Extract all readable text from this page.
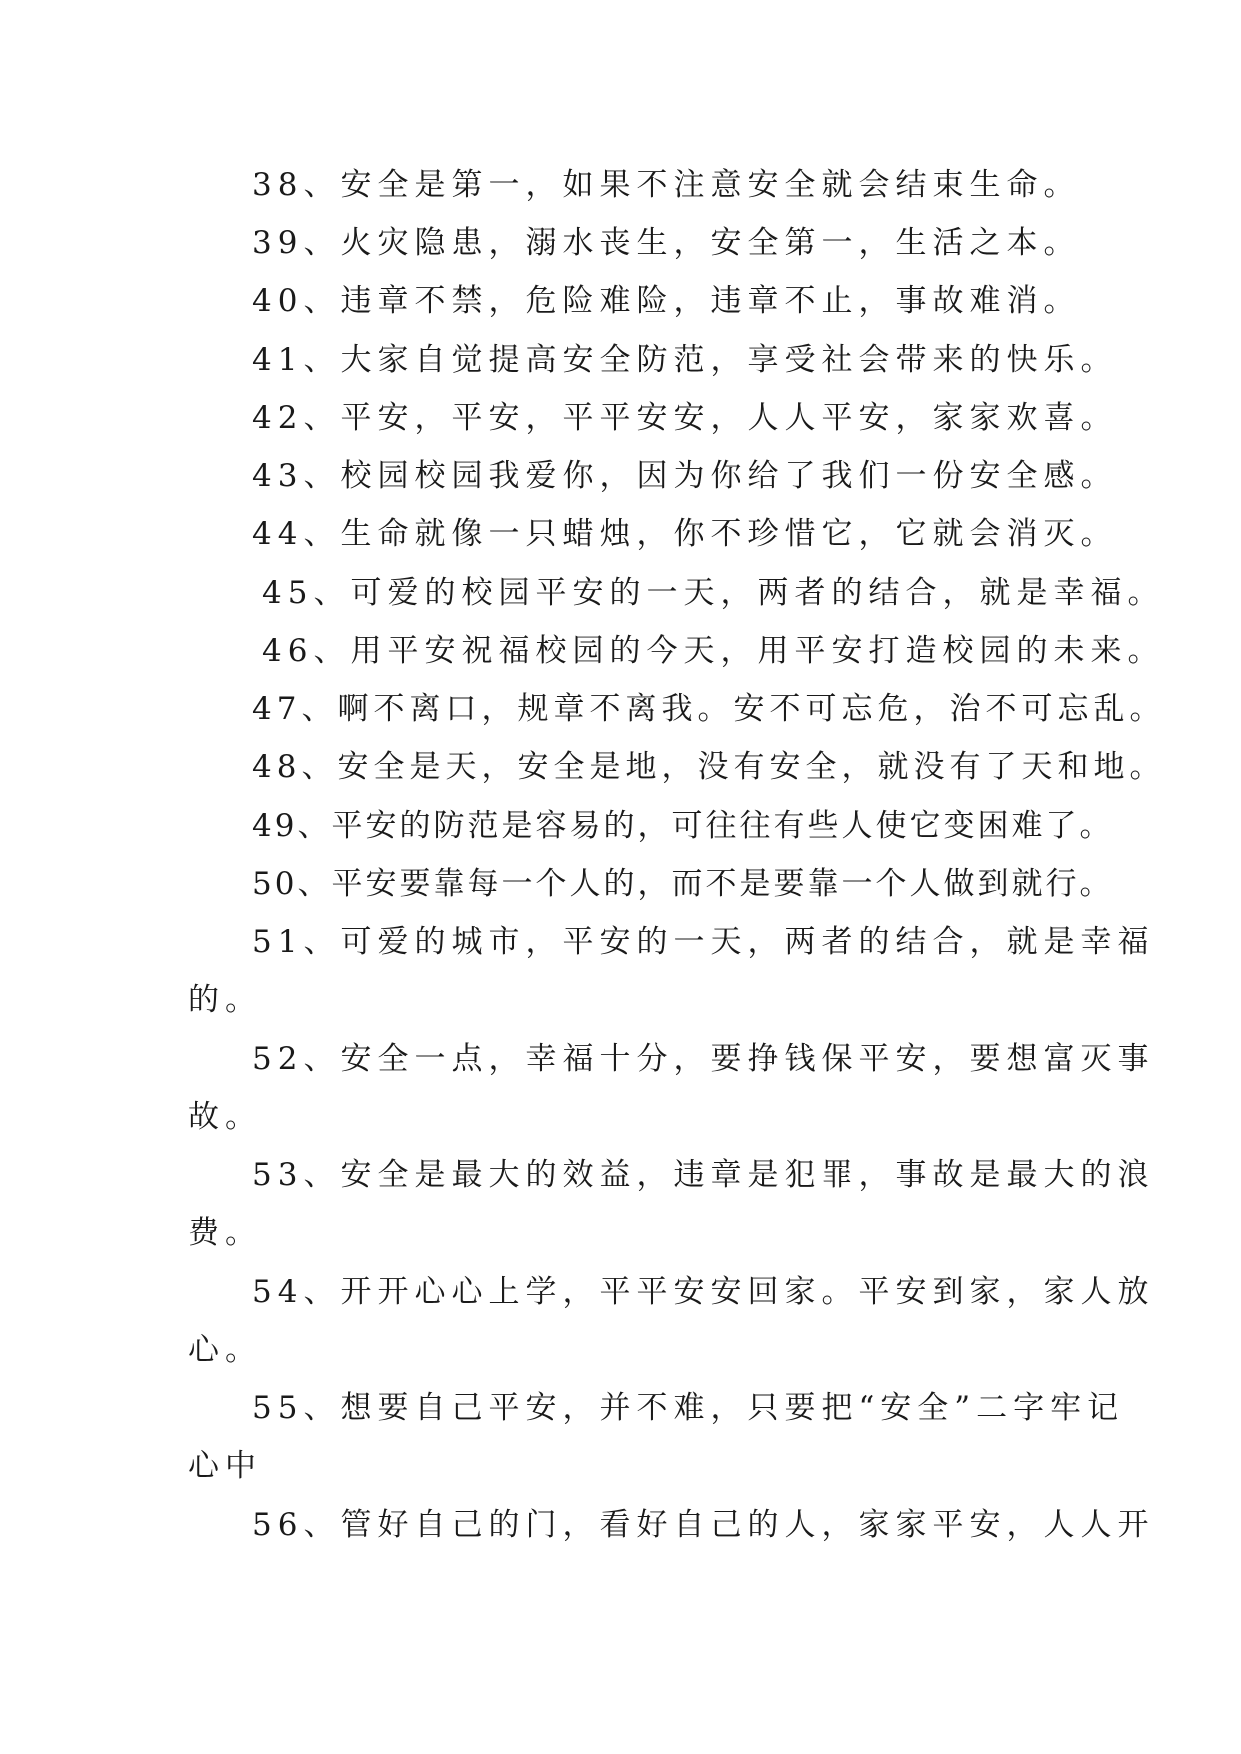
38、安全是第一，如果不注意安全就会结束生命。

39、火灾隐患，溺水丧生，安全第一，生活之本。

40、违章不禁，危险难险，违章不止，事故难消。

41、大家自觉提高安全防范，享受社会带来的快乐。

42、平安，平安，平平安安，人人平安，家家欢喜。

43、校园校园我爱你，因为你给了我们一份安全感。

44、生命就像一只蜡烛，你不珍惜它，它就会消灭。

45、可爱的校园平安的一天，两者的结合，就是幸福。

46、用平安祝福校园的今天，用平安打造校园的未来。

47、啊不离口，规章不离我。安不可忘危，治不可忘乱。

48、安全是天，安全是地，没有安全，就没有了天和地。

49、平安的防范是容易的，可往往有些人使它变困难了。

50、平安要靠每一个人的，而不是要靠一个人做到就行。

51、可爱的城市，平安的一天，两者的结合，就是幸福

的。

52、安全一点，幸福十分，要挣钱保平安，要想富灭事

故。

53、安全是最大的效益，违章是犯罪，事故是最大的浪

费。

54、开开心心上学，平平安安回家。平安到家，家人放

心。

55、想要自己平安，并不难，只要把“安全”二字牢记

心中

56、管好自己的门，看好自己的人，家家平安，人人开
